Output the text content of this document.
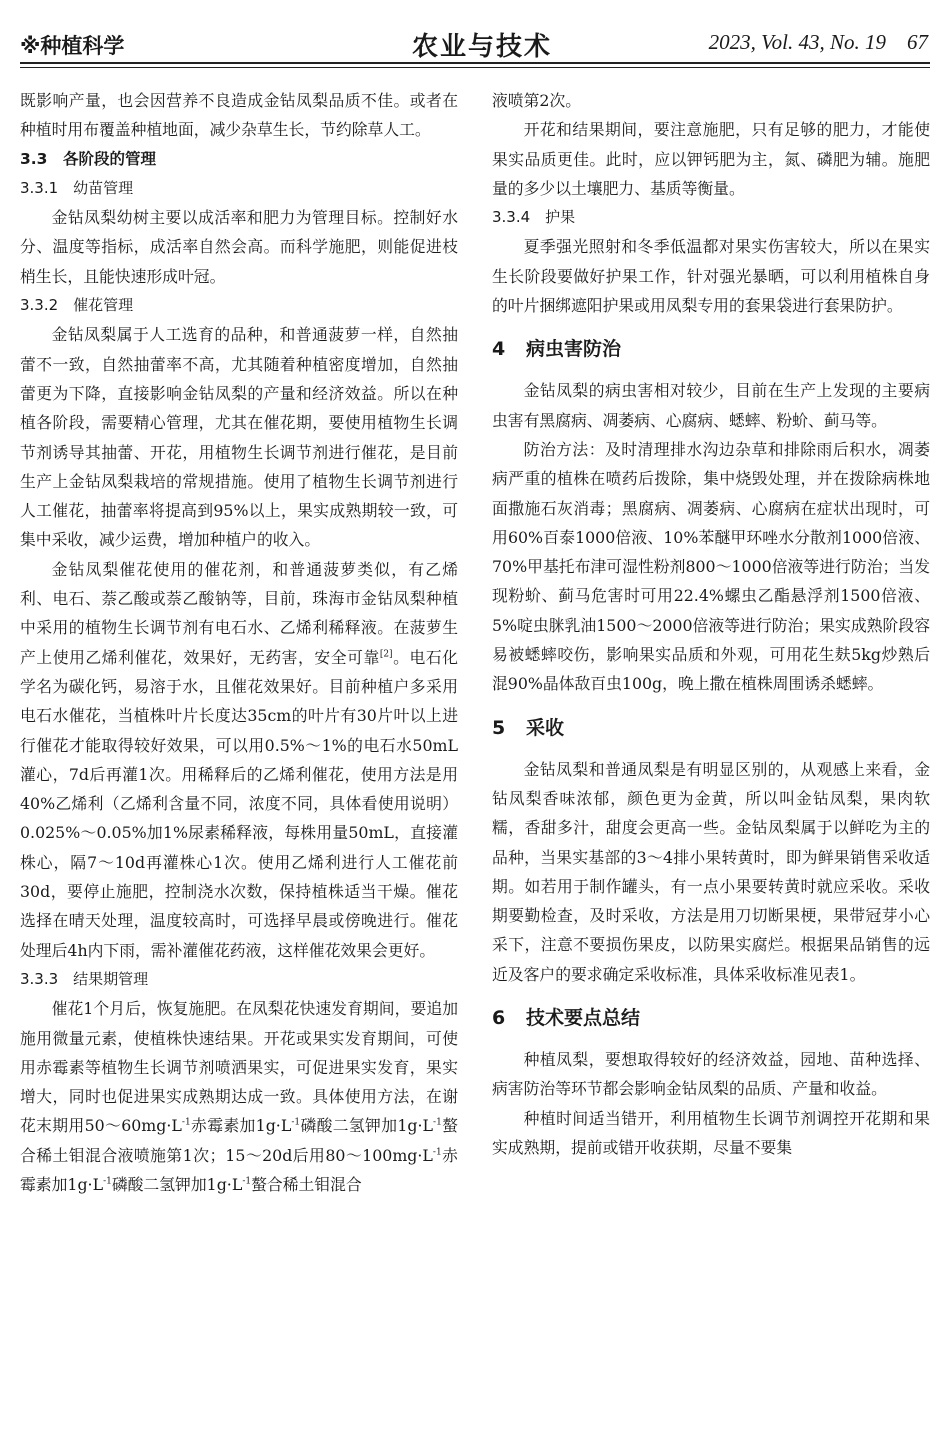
※种植科学	农业与技术	2023, Vol. 43, No. 19 67

既影响产量，也会因营养不良造成金钻凤梨品质不佳。或者在种植时用布覆盖种植地面，减少杂草生长，节约除草人工。

3.3　各阶段的管理
3.3.1　幼苗管理

金钻凤梨幼树主要以成活率和肥力为管理目标。控制好水分、温度等指标，成活率自然会高。而科学施肥，则能促进枝梢生长，且能快速形成叶冠。

3.3.2　催花管理

金钻凤梨属于人工选育的品种，和普通菠萝一样，自然抽蕾不一致，自然抽蕾率不高，尤其随着种植密度增加，自然抽蕾更为下降，直接影响金钻凤梨的产量和经济效益。所以在种植各阶段，需要精心管理，尤其在催花期，要使用植物生长调节剂诱导其抽蕾、开花，用植物生长调节剂进行催花，是目前生产上金钻凤梨栽培的常规措施。使用了植物生长调节剂进行人工催花，抽蕾率将提高到95%以上，果实成熟期较一致，可集中采收，减少运费，增加种植户的收入。

金钻凤梨催花使用的催花剂，和普通菠萝类似，有乙烯利、电石、萘乙酸或萘乙酸钠等，目前，珠海市金钻凤梨种植中采用的植物生长调节剂有电石水、乙烯利稀释液。在菠萝生产上使用乙烯利催花，效果好，无药害，安全可靠[2]。电石化学名为碳化钙，易溶于水，且催花效果好。目前种植户多采用电石水催花，当植株叶片长度达35cm的叶片有30片叶以上进行催花才能取得较好效果，可以用0.5%～1%的电石水50mL灌心，7d后再灌1次。用稀释后的乙烯利催花，使用方法是用40%乙烯利（乙烯利含量不同，浓度不同，具体看使用说明）0.025%～0.05%加1%尿素稀释液，每株用量50mL，直接灌株心，隔7～10d再灌株心1次。使用乙烯利进行人工催花前30d，要停止施肥，控制浇水次数，保持植株适当干燥。催花选择在晴天处理，温度较高时，可选择早晨或傍晚进行。催花处理后4h内下雨，需补灌催花药液，这样催花效果会更好。

3.3.3　结果期管理

催花1个月后，恢复施肥。在凤梨花快速发育期间，要追加施用微量元素，使植株快速结果。开花或果实发育期间，可使用赤霉素等植物生长调节剂喷洒果实，可促进果实发育，果实增大，同时也促进果实成熟期达成一致。具体使用方法，在谢花末期用$50\sim 60mg\cdot L^{-1}$赤霉素加$1g\cdot L^{-1}$磷酸二氢钾加$1g\cdot L^{-1}$螯合稀土钼混合液喷施第1次；15～20d后用$80\sim 100mg\cdot L^{-1}$赤霉素加$1g\cdot L^{-1}$磷酸二氢钾加$1g\cdot L^{-1}$螯合稀土钼混合

液喷第2次。

开花和结果期间，要注意施肥，只有足够的肥力，才能使果实品质更佳。此时，应以钾钙肥为主，氮、磷肥为辅。施肥量的多少以土壤肥力、基质等衡量。

3.3.4　护果

夏季强光照射和冬季低温都对果实伤害较大，所以在果实生长阶段要做好护果工作，针对强光暴晒，可以利用植株自身的叶片捆绑遮阳护果或用凤梨专用的套果袋进行套果防护。

4 病虫害防治

金钻凤梨的病虫害相对较少，目前在生产上发现的主要病虫害有黑腐病、凋萎病、心腐病、蟋蟀、粉蚧、蓟马等。

防治方法：及时清理排水沟边杂草和排除雨后积水，凋萎病严重的植株在喷药后拨除，集中烧毁处理，并在拨除病株地面撒施石灰消毒；黑腐病、凋萎病、心腐病在症状出现时，可用60%百泰1000倍液、10%苯醚甲环唑水分散剂1000倍液、70%甲基托布津可湿性粉剂800～1000倍液等进行防治；当发现粉蚧、蓟马危害时可用22.4%螺虫乙酯悬浮剂1500倍液、5%啶虫脒乳油1500～2000倍液等进行防治；果实成熟阶段容易被蟋蟀咬伤，影响果实品质和外观，可用花生麸5kg炒熟后混90%晶体敌百虫100g，晚上撒在植株周围诱杀蟋蟀。

5 采收

金钻凤梨和普通凤梨是有明显区别的，从观感上来看，金钻凤梨香味浓郁，颜色更为金黄，所以叫金钻凤梨，果肉软糯，香甜多汁，甜度会更高一些。金钻凤梨属于以鲜吃为主的品种，当果实基部的3～4排小果转黄时，即为鲜果销售采收适期。如若用于制作罐头，有一点小果要转黄时就应采收。采收期要勤检查，及时采收，方法是用刀切断果梗，果带冠芽小心采下，注意不要损伤果皮，以防果实腐烂。根据果品销售的远近及客户的要求确定采收标准，具体采收标准见表1。

6 技术要点总结

种植凤梨，要想取得较好的经济效益，园地、苗种选择、病害防治等环节都会影响金钻凤梨的品质、产量和收益。

种植时间适当错开，利用植物生长调节剂调控开花期和果实成熟期，提前或错开收获期，尽量不要集
